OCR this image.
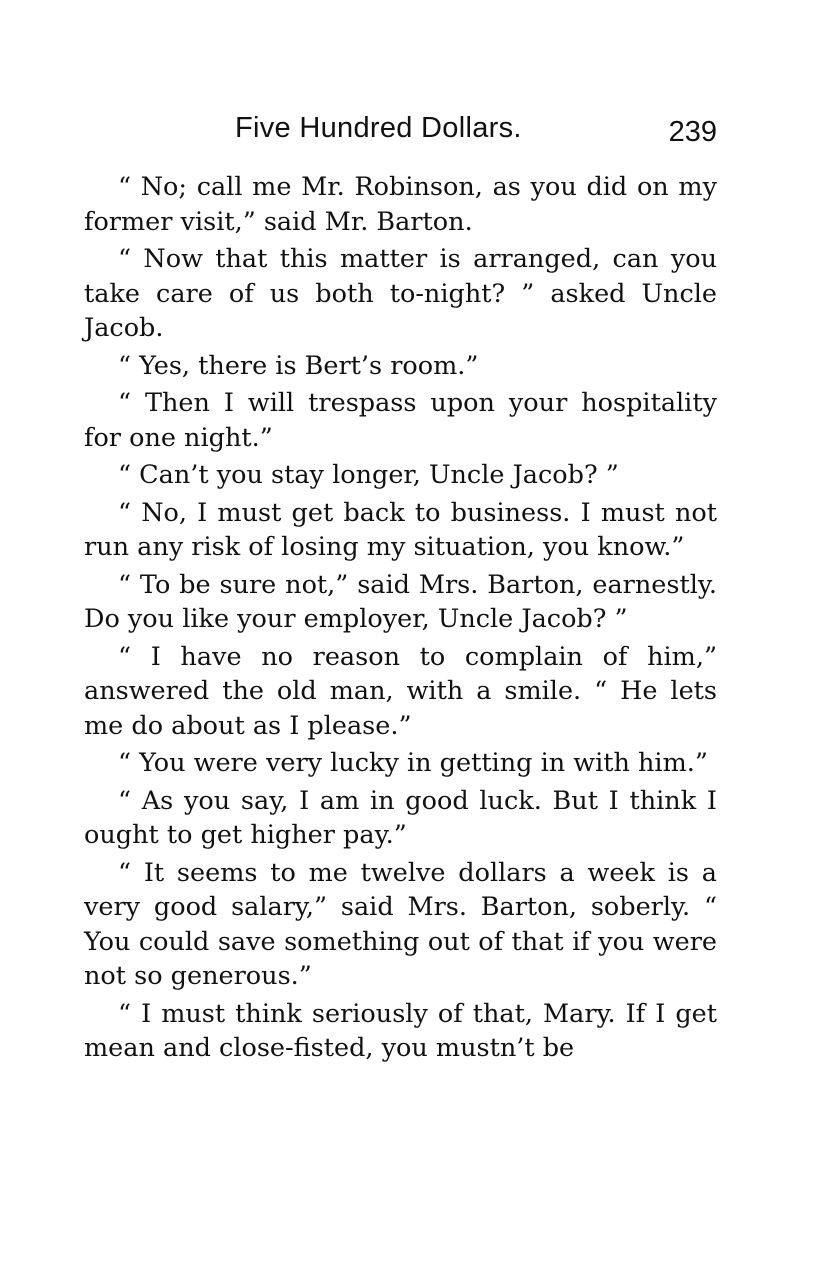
Five Hundred Dollars.	239

“ No; call me Mr. Robinson, as you did on my former visit,” said Mr. Barton.

“ Now that this matter is arranged, can you take care of us both to-night? ” asked Uncle Jacob.

“ Yes, there is Bert’s room.”

“ Then I will trespass upon your hospitality for one night.”

“ Can’t you stay longer, Uncle Jacob? ”

“ No, I must get back to business. I must not run any risk of losing my situation, you know.”

“ To be sure not,” said Mrs. Barton, earnestly. Do you like your employer, Uncle Jacob? ”

“ I have no reason to complain of him,” answered the old man, with a smile. “ He lets me do about as I please.”

“ You were very lucky in getting in with him.”

“ As you say, I am in good luck. But I think I ought to get higher pay.”

“ It seems to me twelve dollars a week is a very good salary,” said Mrs. Barton, soberly. “ You could save something out of that if you were not so generous.”

“ I must think seriously of that, Mary. If I get mean and close-fisted, you mustn’t be
